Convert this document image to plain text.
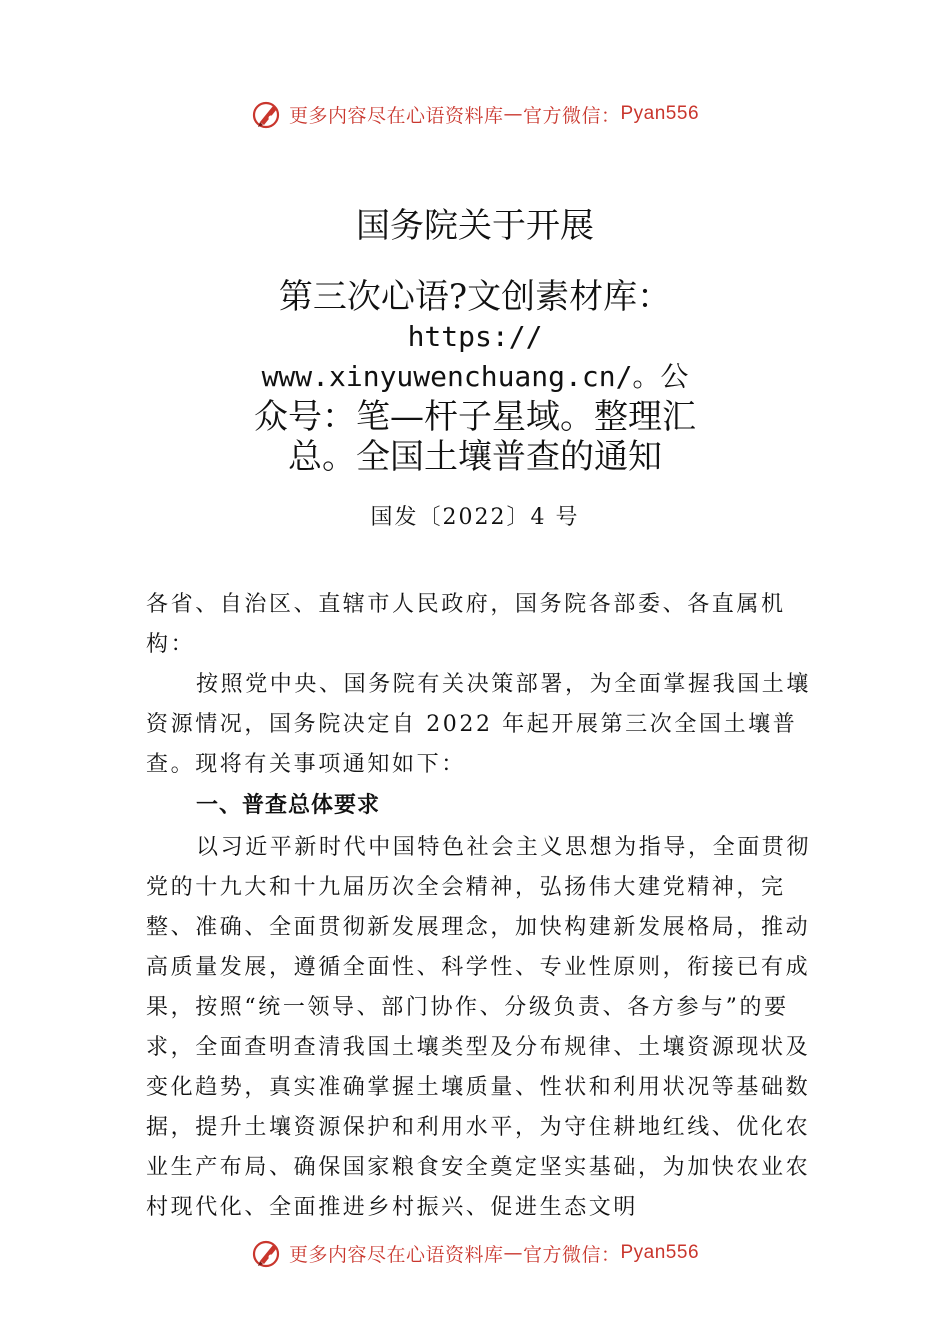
更多内容尽在心语资料库 — 官方微信： Pyan556
国务院关于开展
第三次心语?文创素材库：
https://
www.xinyuwenchuang.cn/。公
众号：笔—杆子星域。整理汇
总。全国土壤普查的通知
国发〔2022〕4 号

各省、自治区、直辖市人民政府，国务院各部委、各直属机构：

按照党中央、国务院有关决策部署，为全面掌握我国土壤资源情况，国务院决定自 2022 年起开展第三次全国土壤普查。现将有关事项通知如下：

一、普查总体要求

以习近平新时代中国特色社会主义思想为指导，全面贯彻党的十九大和十九届历次全会精神，弘扬伟大建党精神，完整、准确、全面贯彻新发展理念，加快构建新发展格局，推动高质量发展，遵循全面性、科学性、专业性原则，衔接已有成果，按照“统一领导、部门协作、分级负责、各方参与”的要求，全面查明查清我国土壤类型及分布规律、土壤资源现状及变化趋势，真实准确掌握土壤质量、性状和利用状况等基础数据，提升土壤资源保护和利用水平，为守住耕地红线、优化农业生产布局、确保国家粮食安全奠定坚实基础，为加快农业农村现代化、全面推进乡村振兴、促进生态文明

更多内容尽在心语资料库 — 官方微信： Pyan556
